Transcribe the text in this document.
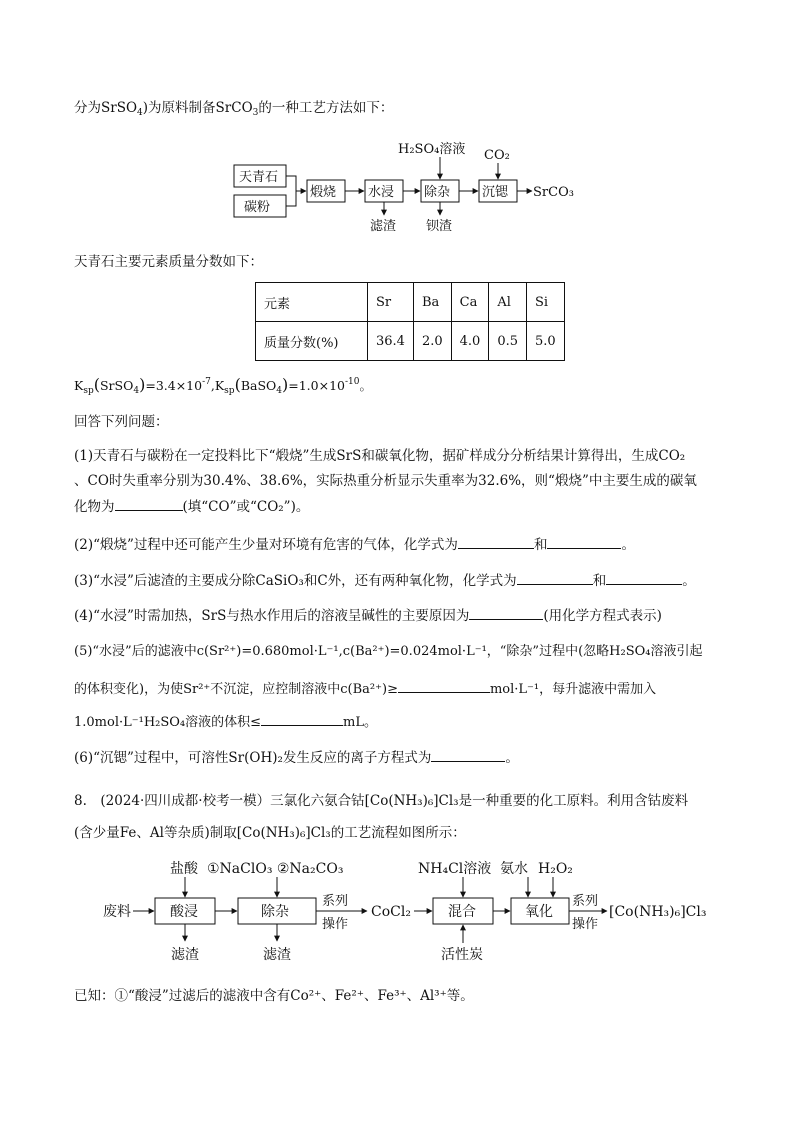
分为SrSO$_4$)为原料制备SrCO$_3$的一种工艺方法如下：
天青石
碳粉
煅烧 水浸 除杂 沉锶 SrCO₃
H₂SO₄溶液 CO₂
滤渣 钡渣
天青石主要元素质量分数如下：
元素	Sr	Ba	Ca	Al	Si
质量分数(%)	36.4	2.0	4.0	0.5	5.0
$K_{sp}(SrSO_4)=3.4\times 10^{-7},K_{sp}(BaSO_4)=1.0\times 10^{-10}$。
回答下列问题：
(1)天青石与碳粉在一定投料比下“煅烧”生成SrS和碳氧化物，据矿样成分分析结果计算得出，生成CO₂
、CO时失重率分别为30.4%、38.6%，实际热重分析显示失重率为32.6%，则“煅烧”中主要生成的碳氧
化物为	(填“CO”或“CO₂”)。
(2)“煅烧”过程中还可能产生少量对环境有危害的气体，化学式为	和	。
(3)“水浸”后滤渣的主要成分除CaSiO₃和C外，还有两种氧化物，化学式为	和	。
(4)“水浸”时需加热，SrS与热水作用后的溶液呈碱性的主要原因为	(用化学方程式表示)
(5)“水浸”后的滤液中c(Sr²⁺)=0.680mol·L⁻¹,c(Ba²⁺)=0.024mol·L⁻¹，“除杂”过程中(忽略H₂SO₄溶液引起
的体积变化)，为使Sr²⁺不沉淀，应控制溶液中c(Ba²⁺)≥	mol·L⁻¹，每升滤液中需加入
1.0mol·L⁻¹H₂SO₄溶液的体积≤	mL。
(6)“沉锶”过程中，可溶性Sr(OH)₂发生反应的离子方程式为	。
8.　(2024·四川成都·校考一模）三氯化六氨合钴[Co(NH₃)₆]Cl₃是一种重要的化工原料。利用含钴废料
(含少量Fe、Al等杂质)制取[Co(NH₃)₆]Cl₃的工艺流程如图所示：
废料	酸浸	除杂
系列
操作
CoCl₂	混合	氧化
系列
操作
[Co(NH₃)₆]Cl₃
盐酸 ①NaClO₃ ②Na₂CO₃	NH₄Cl溶液 氨水 H₂O₂
滤渣	滤渣	活性炭
已知：①“酸浸”过滤后的滤液中含有Co²⁺、Fe²⁺、Fe³⁺、Al³⁺等。
